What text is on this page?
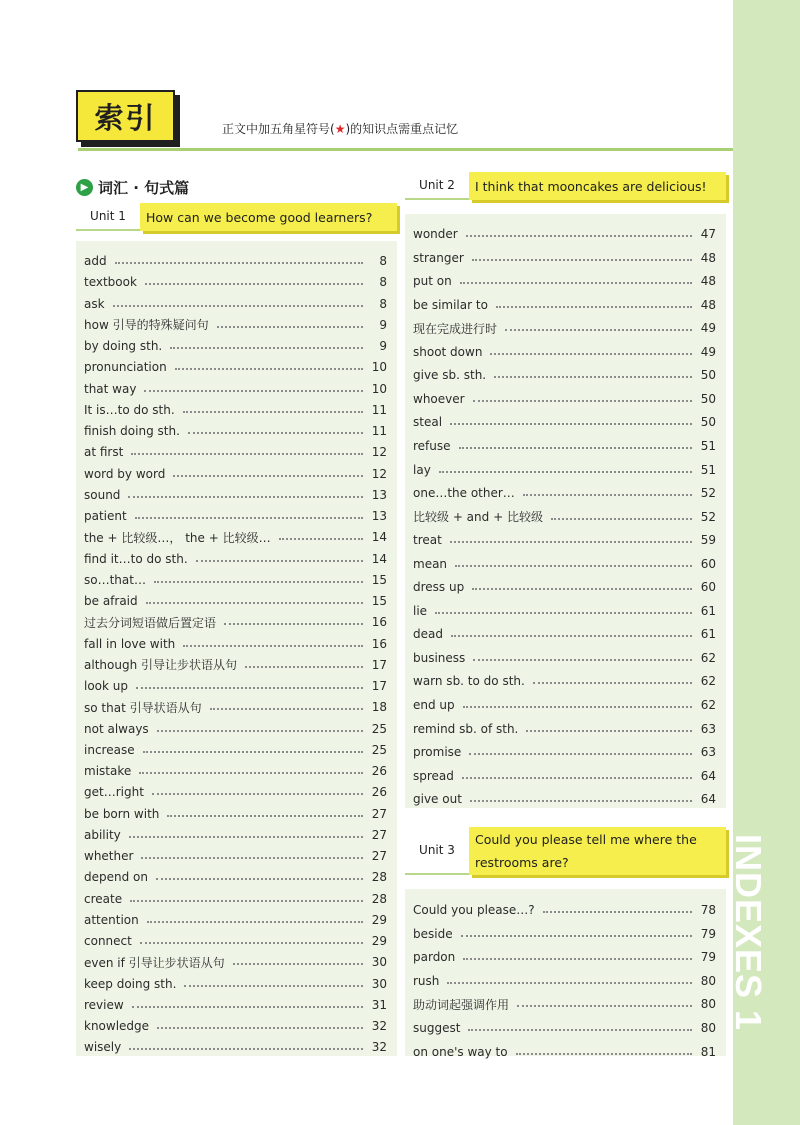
INDEXES 1
索引	正文中加五角星符号(★)的知识点需重点记忆
▶ 词汇 · 句式篇
Unit 1	How can we become good learners?
add	8
textbook	8
ask	8
how 引导的特殊疑问句	9
by doing sth.	9
pronunciation	10
that way	10
It is…to do sth.	11
finish doing sth.	11
at first	12
word by word	12
sound	13
patient	13
the + 比较级…， the + 比较级…	14
find it…to do sth.	14
so…that…	15
be afraid	15
过去分词短语做后置定语	16
fall in love with	16
although 引导让步状语从句	17
look up	17
so that 引导状语从句	18
not always	25
increase	25
mistake	26
get…right	26
be born with	27
ability	27
whether	27
depend on	28
create	28
attention	29
connect	29
even if 引导让步状语从句	30
keep doing sth.	30
review	31
knowledge	32
wisely	32
Unit 2	I think that mooncakes are delicious!
wonder	47
stranger	48
put on	48
be similar to	48
现在完成进行时	49
shoot down	49
give sb. sth.	50
whoever	50
steal	50
refuse	51
lay	51
one…the other…	52
比较级 + and + 比较级	52
treat	59
mean	60
dress up	60
lie	61
dead	61
business	62
warn sb. to do sth.	62
end up	62
remind sb. of sth.	63
promise	63
spread	64
give out	64
Unit 3
Could you please tell me where the
restrooms are?
Could you please…?	78
beside	79
pardon	79
rush	80
助动词起强调作用	80
suggest	80
on one's way to	81
